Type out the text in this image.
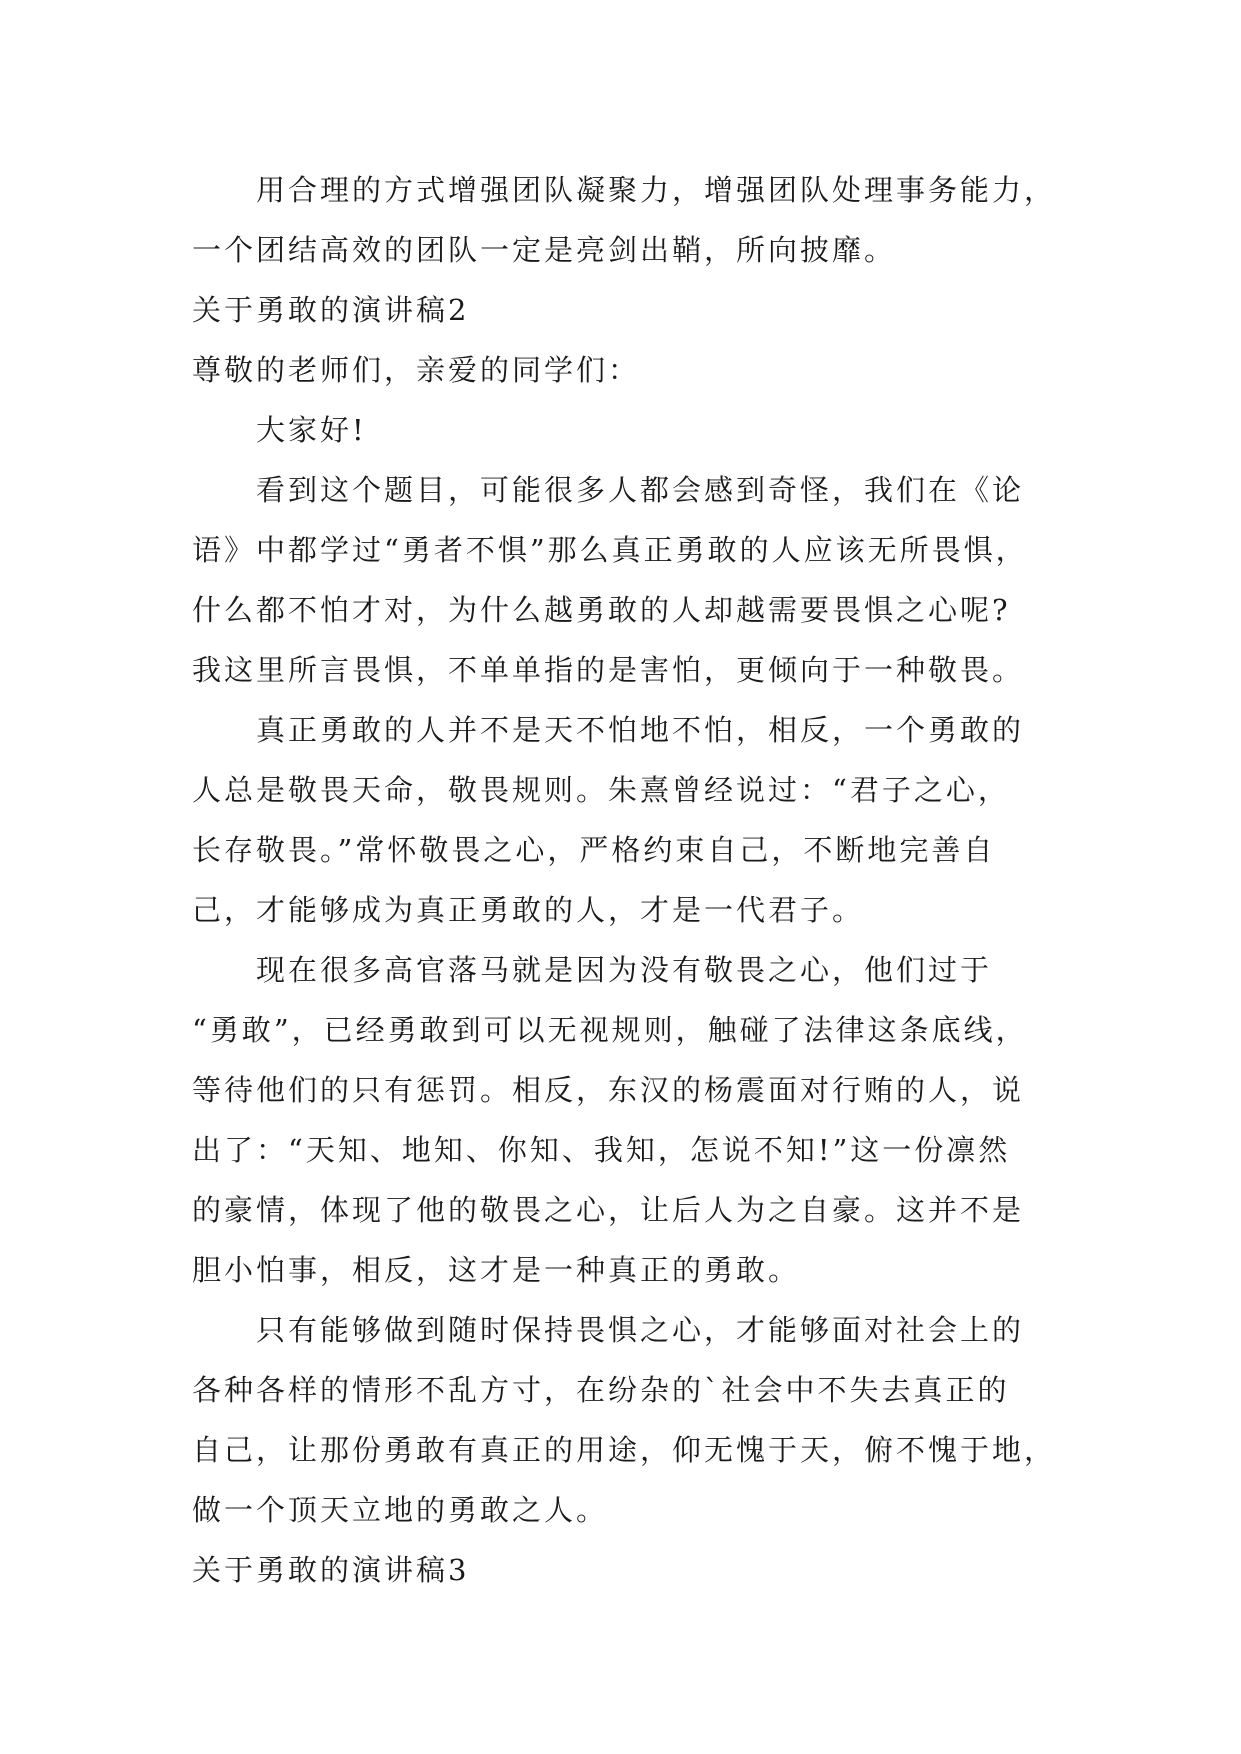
用合理的方式增强团队凝聚力，增强团队处理事务能力，
一个团结高效的团队一定是亮剑出鞘，所向披靡。
关于勇敢的演讲稿2
尊敬的老师们，亲爱的同学们：
大家好!
看到这个题目，可能很多人都会感到奇怪，我们在《论
语》中都学过“勇者不惧”那么真正勇敢的人应该无所畏惧，
什么都不怕才对，为什么越勇敢的人却越需要畏惧之心呢?
我这里所言畏惧，不单单指的是害怕，更倾向于一种敬畏。
真正勇敢的人并不是天不怕地不怕，相反，一个勇敢的
人总是敬畏天命，敬畏规则。朱熹曾经说过：“君子之心，
长存敬畏。”常怀敬畏之心，严格约束自己，不断地完善自
己，才能够成为真正勇敢的人，才是一代君子。
现在很多高官落马就是因为没有敬畏之心，他们过于
“勇敢”，已经勇敢到可以无视规则，触碰了法律这条底线，
等待他们的只有惩罚。相反，东汉的杨震面对行贿的人，说
出了：“天知、地知、你知、我知，怎说不知!”这一份凛然
的豪情，体现了他的敬畏之心，让后人为之自豪。这并不是
胆小怕事，相反，这才是一种真正的勇敢。
只有能够做到随时保持畏惧之心，才能够面对社会上的
各种各样的情形不乱方寸，在纷杂的`社会中不失去真正的
自己，让那份勇敢有真正的用途，仰无愧于天，俯不愧于地，
做一个顶天立地的勇敢之人。
关于勇敢的演讲稿3
